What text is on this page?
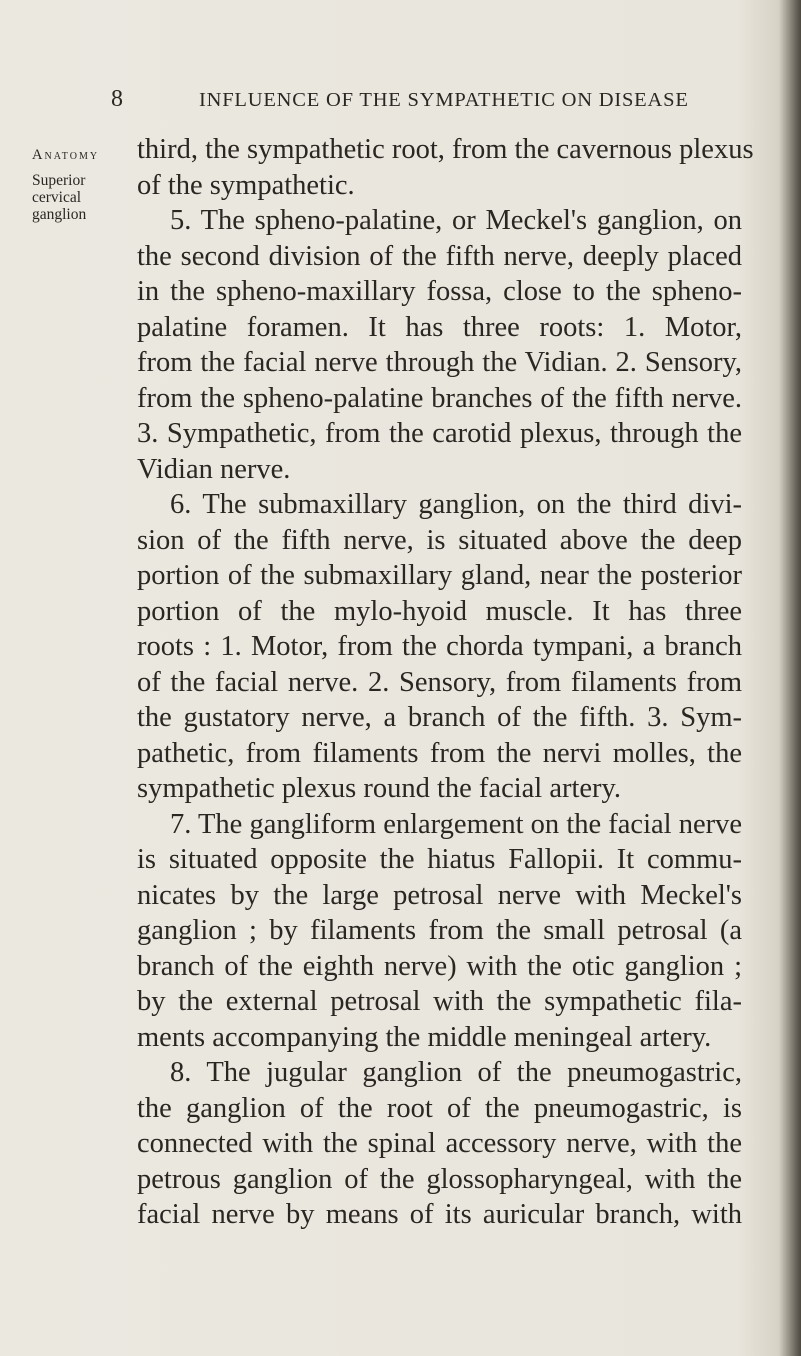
8	INFLUENCE OF THE SYMPATHETIC ON DISEASE
Anatomy
Superior
cervical
ganglion
third, the sympathetic root, from the cavernous plexus
of the sympathetic.
5. The spheno-palatine, or Meckel's ganglion, on
the second division of the fifth nerve, deeply placed
in the spheno-maxillary fossa, close to the spheno-
palatine foramen. It has three roots: 1. Motor,
from the facial nerve through the Vidian. 2. Sensory,
from the spheno-palatine branches of the fifth nerve.
3. Sympathetic, from the carotid plexus, through the
Vidian nerve.
6. The submaxillary ganglion, on the third divi-
sion of the fifth nerve, is situated above the deep
portion of the submaxillary gland, near the posterior
portion of the mylo-hyoid muscle. It has three
roots : 1. Motor, from the chorda tympani, a branch
of the facial nerve. 2. Sensory, from filaments from
the gustatory nerve, a branch of the fifth. 3. Sym-
pathetic, from filaments from the nervi molles, the
sympathetic plexus round the facial artery.
7. The gangliform enlargement on the facial nerve
is situated opposite the hiatus Fallopii. It commu-
nicates by the large petrosal nerve with Meckel's
ganglion ; by filaments from the small petrosal (a
branch of the eighth nerve) with the otic ganglion ;
by the external petrosal with the sympathetic fila-
ments accompanying the middle meningeal artery.
8. The jugular ganglion of the pneumogastric,
the ganglion of the root of the pneumogastric, is
connected with the spinal accessory nerve, with the
petrous ganglion of the glossopharyngeal, with the
facial nerve by means of its auricular branch, with
